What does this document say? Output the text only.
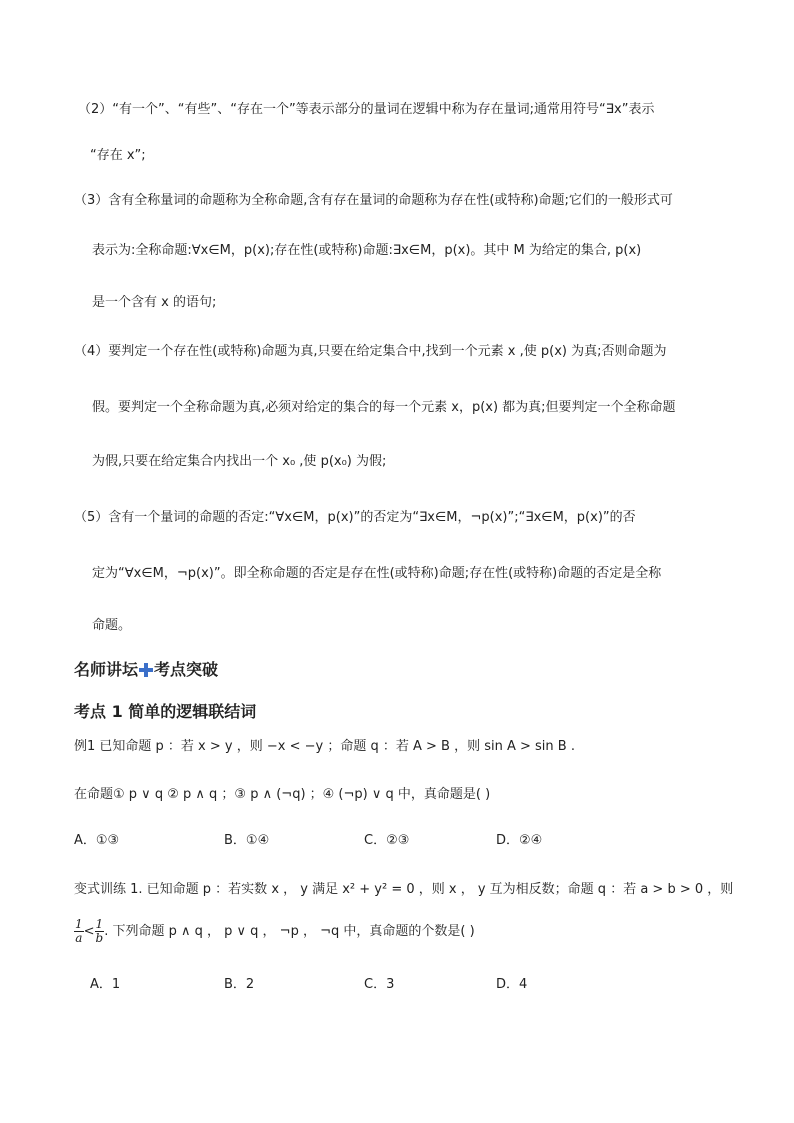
（2）“有一个”、“有些”、“存在一个”等表示部分的量词在逻辑中称为存在量词;通常用符号“∃x”表示
“存在 x”;
（3）含有全称量词的命题称为全称命题,含有存在量词的命题称为存在性(或特称)命题;它们的一般形式可
表示为:全称命题:∀x∈M，p(x);存在性(或特称)命题:∃x∈M，p(x)。其中 M 为给定的集合, p(x)
是一个含有 x 的语句;
（4）要判定一个存在性(或特称)命题为真,只要在给定集合中,找到一个元素 x ,使 p(x) 为真;否则命题为
假。要判定一个全称命题为真,必须对给定的集合的每一个元素 x，p(x) 都为真;但要判定一个全称命题
为假,只要在给定集合内找出一个 x₀ ,使 p(x₀) 为假;
（5）含有一个量词的命题的否定:“∀x∈M，p(x)”的否定为“∃x∈M，¬p(x)”;“∃x∈M，p(x)”的否
定为“∀x∈M，¬p(x)”。即全称命题的否定是存在性(或特称)命题;存在性(或特称)命题的否定是全称
命题。
名师讲坛 考点突破
考点 1 简单的逻辑联结词
例1 已知命题 p ：若 x > y ，则 −x < −y ；命题 q ：若 A > B ，则 sin A > sin B .
在命题① p ∨ q ② p ∧ q ；③ p ∧ (¬q) ；④ (¬p) ∨ q 中，真命题是( )
A．①③	B．①④	C．②③	D．②④
变式训练 1. 已知命题 p ：若实数 x ， y 满足 x² + y² = 0 ，则 x ， y 互为相反数；命题 q ：若 a > b > 0 ，则
$\frac{1}{a} < \frac{1}{b}$ . 下列命题 p ∧ q ， p ∨ q ， ¬p ， ¬q 中，真命题的个数是( )
A．1	B．2	C．3	D．4
